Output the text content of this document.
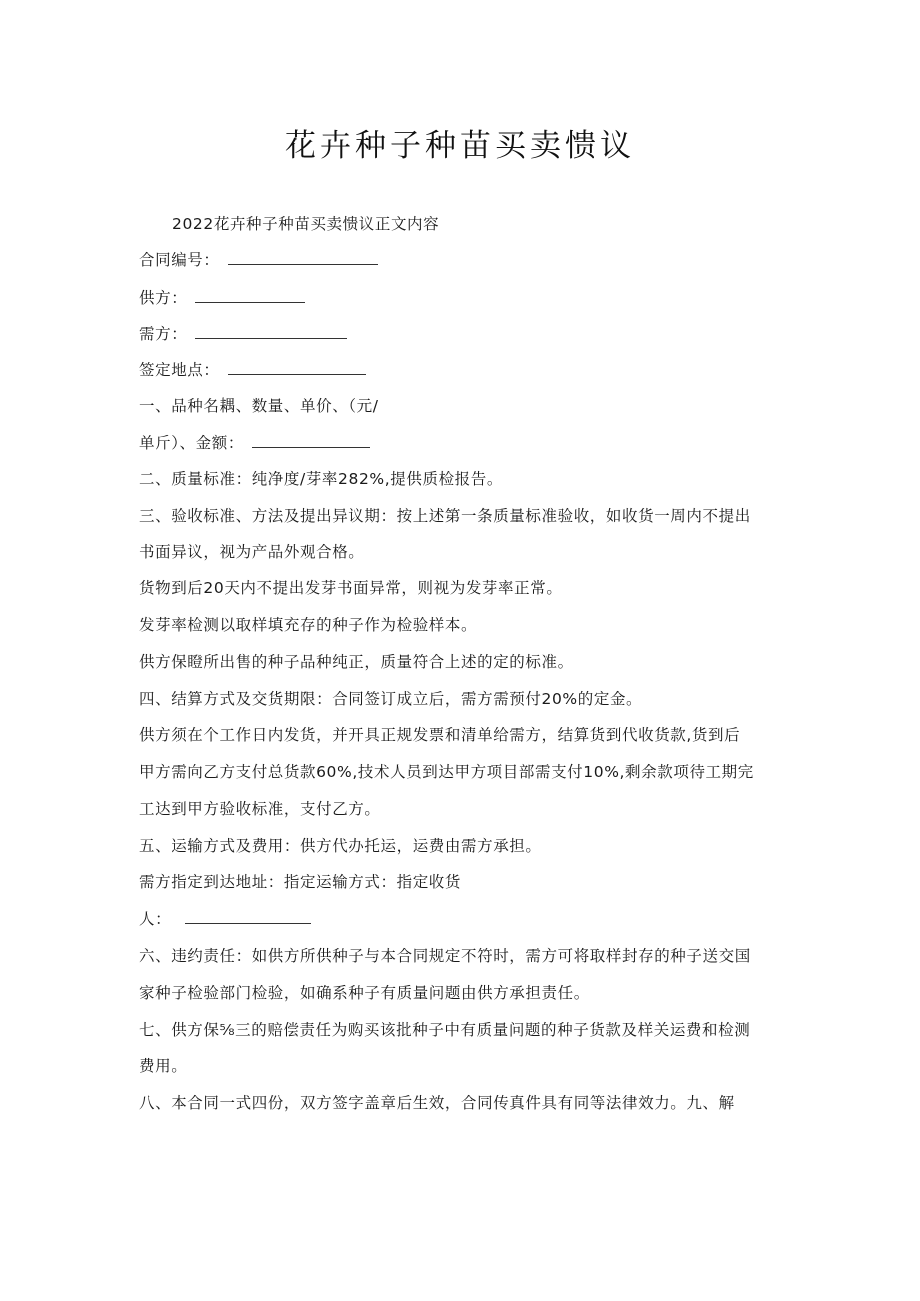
花卉种子种苗买卖愦议
2022花卉种子种苗买卖愦议正文内容
合同编号：
供方：
需方：
签定地点：
一、品种名耦、数量、单价、（元/
单斤）、金额：
二、质量标准：纯净度/芽率282%,提供质检报告。
三、验收标准、方法及提出异议期：按上述第一条质量标准验收，如收货一周内不提出
书面异议，视为产品外观合格。
货物到后20天内不提出发芽书面异常，则视为发芽率正常。
发芽率检测以取样填充存的种子作为检验样本。
供方保瞪所出售的种子品种纯正，质量符合上述的定的标准。
四、结算方式及交货期限：合同签订成立后，需方需预付20%的定金。
供方须在个工作日内发货，并开具正规发票和清单给需方，结算货到代收货款,货到后
甲方需向乙方支付总货款60%,技术人员到达甲方项目部需支付10%,剩余款项待工期完
工达到甲方验收标准，支付乙方。
五、运输方式及费用：供方代办托运，运费由需方承担。
需方指定到达地址：指定运输方式：指定收货
人：
六、违约责任：如供方所供种子与本合同规定不符时，需方可将取样封存的种子送交国
家种子检验部门检验，如确系种子有质量问题由供方承担责任。
七、供方保⅝三的赔偿责任为购买该批种子中有质量问题的种子货款及样关运费和检测
费用。
八、本合同一式四份，双方签字盖章后生效，合同传真件具有同等法律效力。九、解
